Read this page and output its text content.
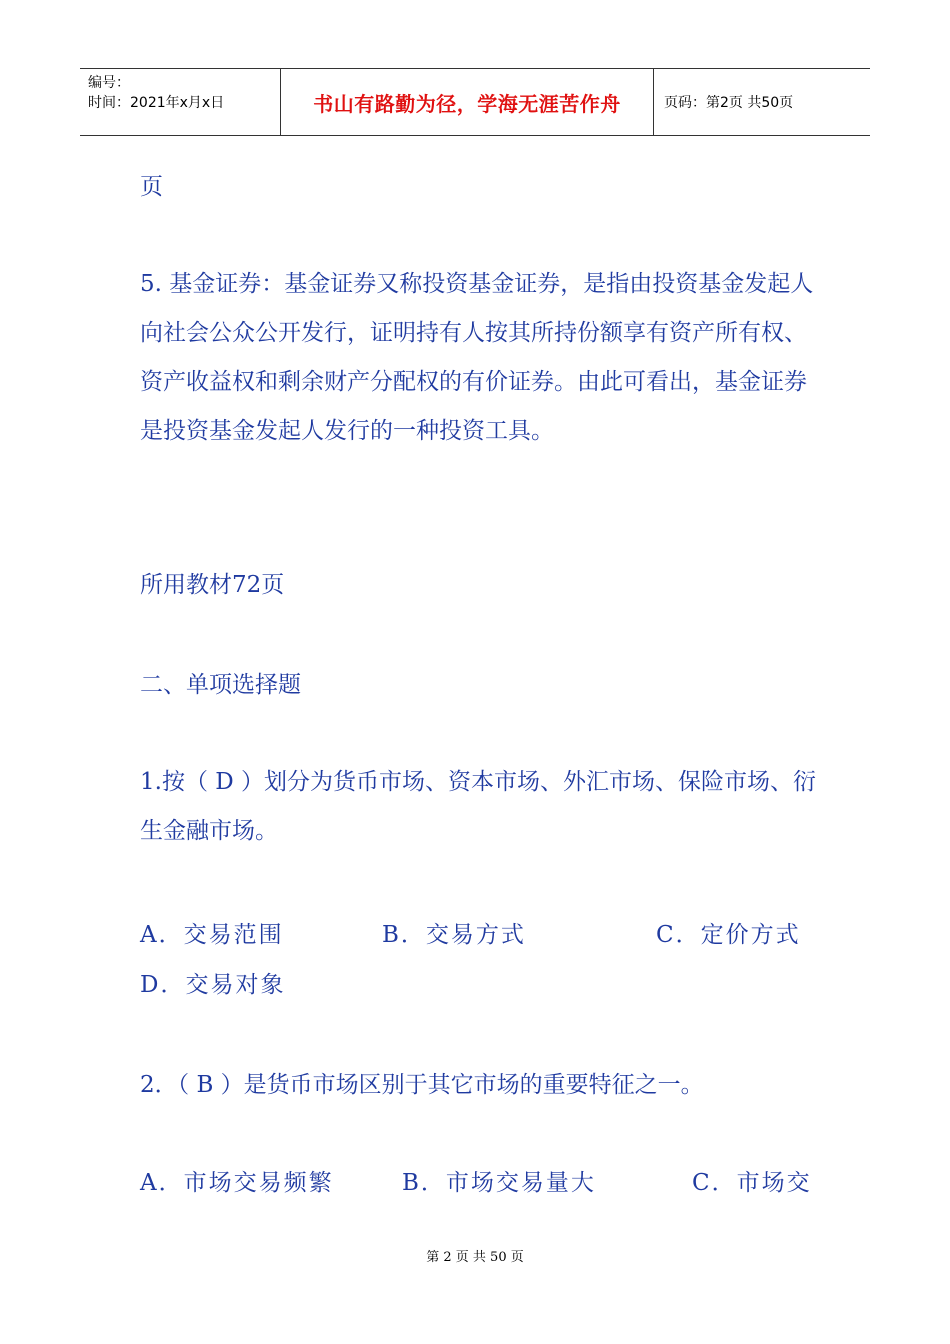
编号：
时间：2021年x月x日	书山有路勤为径，学海无涯苦作舟	页码：第2页 共50页
页
5. 基金证券：基金证券又称投资基金证券，是指由投资基金发起人向社会公众公开发行，证明持有人按其所持份额享有资产所有权、资产收益权和剩余财产分配权的有价证券。由此可看出，基金证券是投资基金发起人发行的一种投资工具。
所用教材72页
二、单项选择题
1.按（ D ）划分为货币市场、资本市场、外汇市场、保险市场、衍生金融市场。
A．交易范围	B．交易方式	C．定价方式
D．交易对象
2．（ B ）是货币市场区别于其它市场的重要特征之一。
A．市场交易频繁	B．市场交易量大	C．市场交
第 2 页 共 50 页
